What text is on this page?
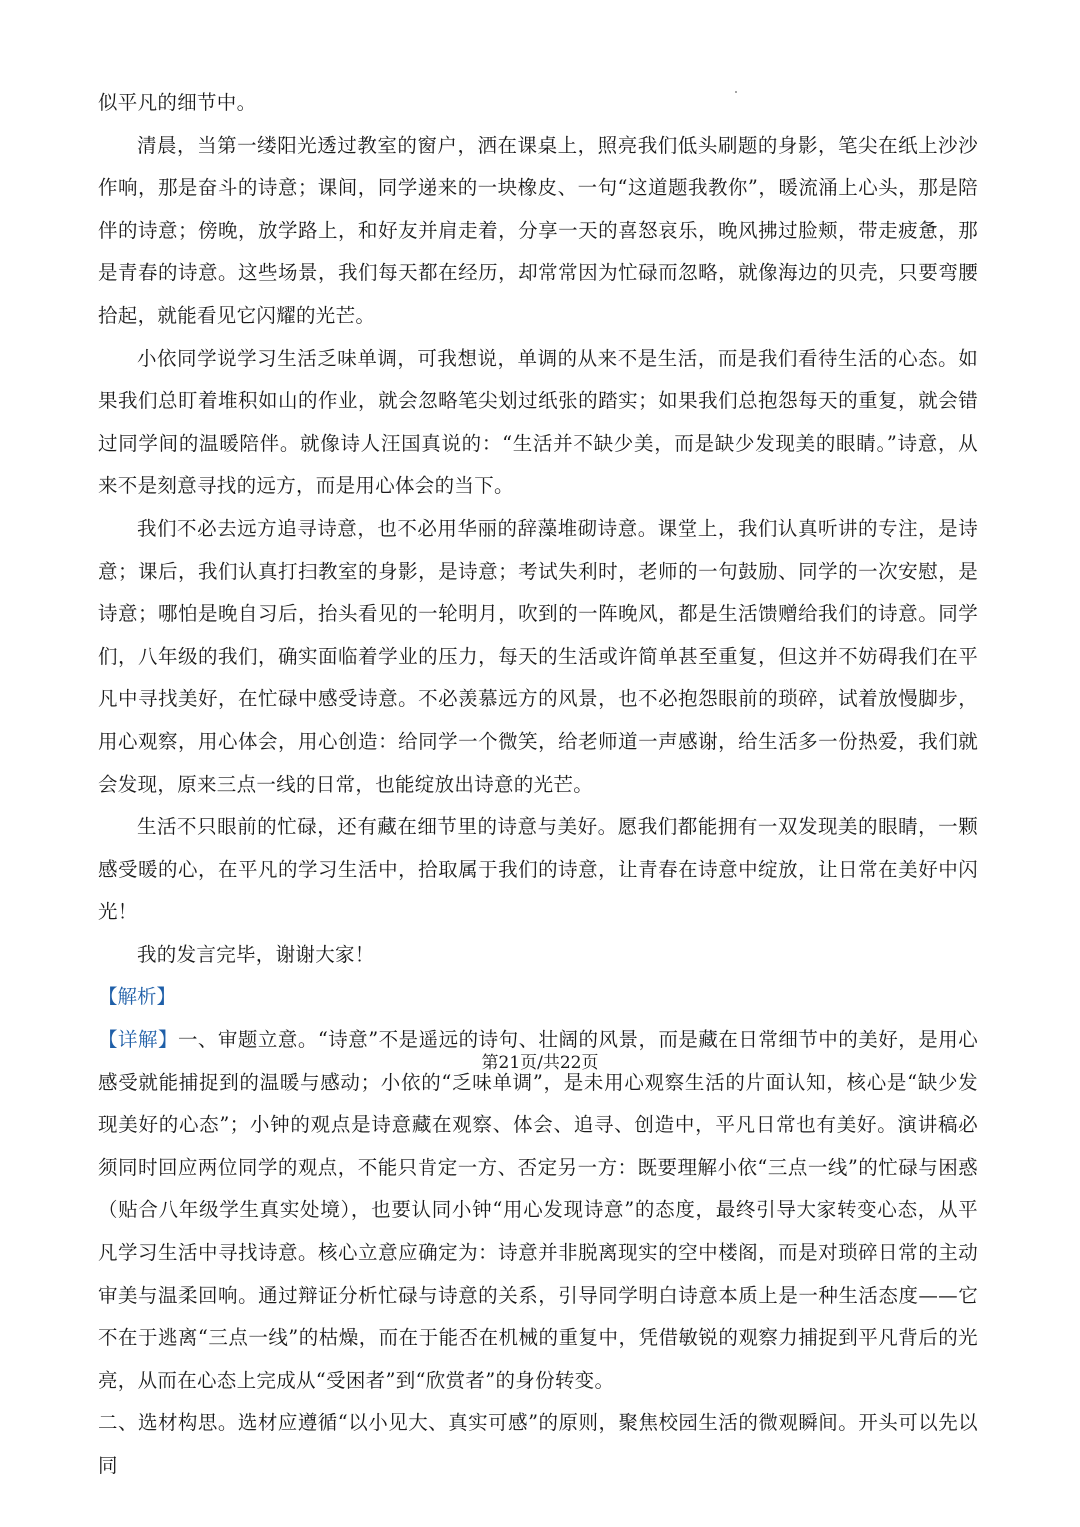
似平凡的细节中。

清晨，当第一缕阳光透过教室的窗户，洒在课桌上，照亮我们低头刷题的身影，笔尖在纸上沙沙作响，那是奋斗的诗意；课间，同学递来的一块橡皮、一句“这道题我教你”，暖流涌上心头，那是陪伴的诗意；傍晚，放学路上，和好友并肩走着，分享一天的喜怒哀乐，晚风拂过脸颊，带走疲惫，那是青春的诗意。这些场景，我们每天都在经历，却常常因为忙碌而忽略，就像海边的贝壳，只要弯腰拾起，就能看见它闪耀的光芒。

小依同学说学习生活乏味单调，可我想说，单调的从来不是生活，而是我们看待生活的心态。如果我们总盯着堆积如山的作业，就会忽略笔尖划过纸张的踏实；如果我们总抱怨每天的重复，就会错过同学间的温暖陪伴。就像诗人汪国真说的：“生活并不缺少美，而是缺少发现美的眼睛。”诗意，从来不是刻意寻找的远方，而是用心体会的当下。

我们不必去远方追寻诗意，也不必用华丽的辞藻堆砌诗意。课堂上，我们认真听讲的专注，是诗意；课后，我们认真打扫教室的身影，是诗意；考试失利时，老师的一句鼓励、同学的一次安慰，是诗意；哪怕是晚自习后，抬头看见的一轮明月，吹到的一阵晚风，都是生活馈赠给我们的诗意。同学们，八年级的我们，确实面临着学业的压力，每天的生活或许简单甚至重复，但这并不妨碍我们在平凡中寻找美好，在忙碌中感受诗意。不必羡慕远方的风景，也不必抱怨眼前的琐碎，试着放慢脚步，用心观察，用心体会，用心创造：给同学一个微笑，给老师道一声感谢，给生活多一份热爱，我们就会发现，原来三点一线的日常，也能绽放出诗意的光芒。

生活不只眼前的忙碌，还有藏在细节里的诗意与美好。愿我们都能拥有一双发现美的眼睛，一颗感受暖的心，在平凡的学习生活中，拾取属于我们的诗意，让青春在诗意中绽放，让日常在美好中闪光！

我的发言完毕，谢谢大家！

【解析】

【详解】一、审题立意。“诗意”不是遥远的诗句、壮阔的风景，而是藏在日常细节中的美好，是用心感受就能捕捉到的温暖与感动；小依的“乏味单调”，是未用心观察生活的片面认知，核心是“缺少发现美好的心态”；小钟的观点是诗意藏在观察、体会、追寻、创造中，平凡日常也有美好。演讲稿必须同时回应两位同学的观点，不能只肯定一方、否定另一方：既要理解小依“三点一线”的忙碌与困惑（贴合八年级学生真实处境），也要认同小钟“用心发现诗意”的态度，最终引导大家转变心态，从平凡学习生活中寻找诗意。核心立意应确定为：诗意并非脱离现实的空中楼阁，而是对琐碎日常的主动审美与温柔回响。通过辩证分析忙碌与诗意的关系，引导同学明白诗意本质上是一种生活态度——它不在于逃离“三点一线”的枯燥，而在于能否在机械的重复中，凭借敏锐的观察力捕捉到平凡背后的光亮，从而在心态上完成从“受困者”到“欣赏者”的身份转变。

二、选材构思。选材应遵循“以小见大、真实可感”的原则，聚焦校园生活的微观瞬间。开头可以先以同

第21页/共22页
